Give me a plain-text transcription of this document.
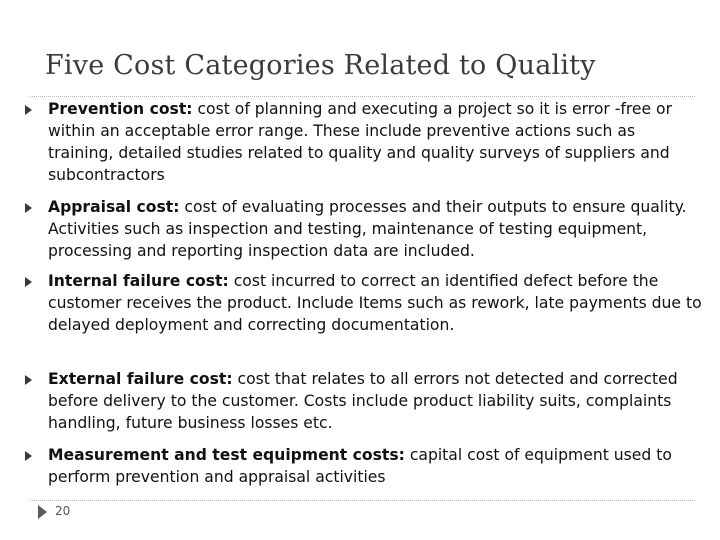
Five Cost Categories Related to Quality
Prevention cost: cost of planning and executing a project so it is error -free or within an acceptable error range. These include preventive actions such as training, detailed studies related to quality and quality surveys of suppliers and subcontractors
Appraisal cost: cost of evaluating processes and their outputs to ensure quality. Activities such as inspection and testing, maintenance of testing equipment, processing and reporting inspection data are included.
Internal failure cost: cost incurred to correct an identified defect before the customer receives the product. Include Items such as rework, late payments due to delayed deployment and correcting documentation.
External failure cost: cost that relates to all errors not detected and corrected before delivery to the customer. Costs include product liability suits, complaints handling, future business losses etc.
Measurement and test equipment costs: capital cost of equipment used to perform prevention and appraisal activities
20
